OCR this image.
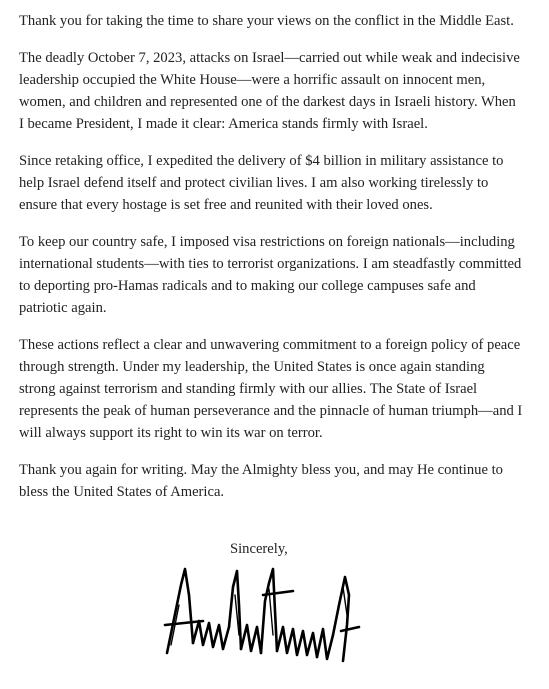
Thank you for taking the time to share your views on the conflict in the Middle East.

The deadly October 7, 2023, attacks on Israel—carried out while weak and indecisive leadership occupied the White House—were a horrific assault on innocent men, women, and children and represented one of the darkest days in Israeli history. When I became President, I made it clear: America stands firmly with Israel.

Since retaking office, I expedited the delivery of $4 billion in military assistance to help Israel defend itself and protect civilian lives. I am also working tirelessly to ensure that every hostage is set free and reunited with their loved ones.

To keep our country safe, I imposed visa restrictions on foreign nationals—including international students—with ties to terrorist organizations. I am steadfastly committed to deporting pro-Hamas radicals and to making our college campuses safe and patriotic again.

These actions reflect a clear and unwavering commitment to a foreign policy of peace through strength. Under my leadership, the United States is once again standing strong against terrorism and standing firmly with our allies. The State of Israel represents the peak of human perseverance and the pinnacle of human triumph—and I will always support its right to win its war on terror.

Thank you again for writing. May the Almighty bless you, and may He continue to bless the United States of America.

Sincerely,
